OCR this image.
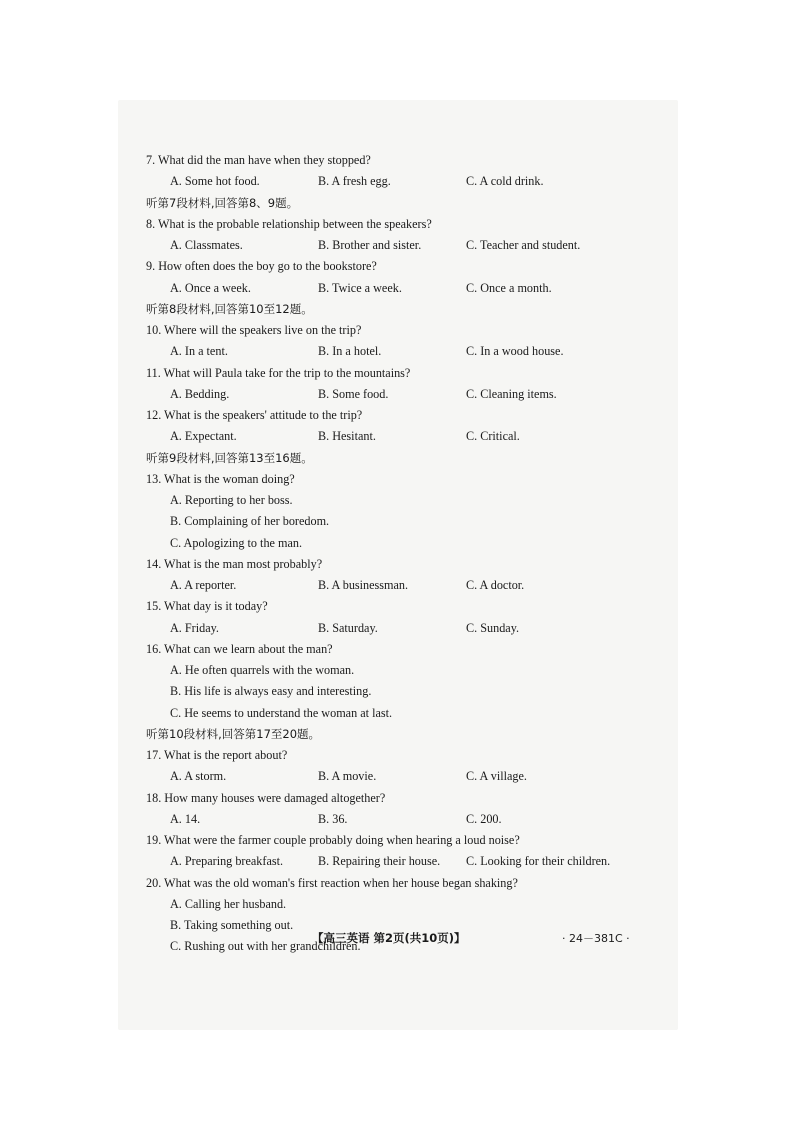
7. What did the man have when they stopped?
A. Some hot food.	B. A fresh egg.	C. A cold drink.
听第7段材料,回答第8、9题。
8. What is the probable relationship between the speakers?
A. Classmates.	B. Brother and sister.	C. Teacher and student.
9. How often does the boy go to the bookstore?
A. Once a week.	B. Twice a week.	C. Once a month.
听第8段材料,回答第10至12题。
10. Where will the speakers live on the trip?
A. In a tent.	B. In a hotel.	C. In a wood house.
11. What will Paula take for the trip to the mountains?
A. Bedding.	B. Some food.	C. Cleaning items.
12. What is the speakers' attitude to the trip?
A. Expectant.	B. Hesitant.	C. Critical.
听第9段材料,回答第13至16题。
13. What is the woman doing?
A. Reporting to her boss.
B. Complaining of her boredom.
C. Apologizing to the man.
14. What is the man most probably?
A. A reporter.	B. A businessman.	C. A doctor.
15. What day is it today?
A. Friday.	B. Saturday.	C. Sunday.
16. What can we learn about the man?
A. He often quarrels with the woman.
B. His life is always easy and interesting.
C. He seems to understand the woman at last.
听第10段材料,回答第17至20题。
17. What is the report about?
A. A storm.	B. A movie.	C. A village.
18. How many houses were damaged altogether?
A. 14.	B. 36.	C. 200.
19. What were the farmer couple probably doing when hearing a loud noise?
A. Preparing breakfast.	B. Repairing their house. C. Looking for their children.
20. What was the old woman's first reaction when her house began shaking?
A. Calling her husband.
B. Taking something out.
C. Rushing out with her grandchildren.
【高三英语 第2页(共10页)】	· 24－381C ·
